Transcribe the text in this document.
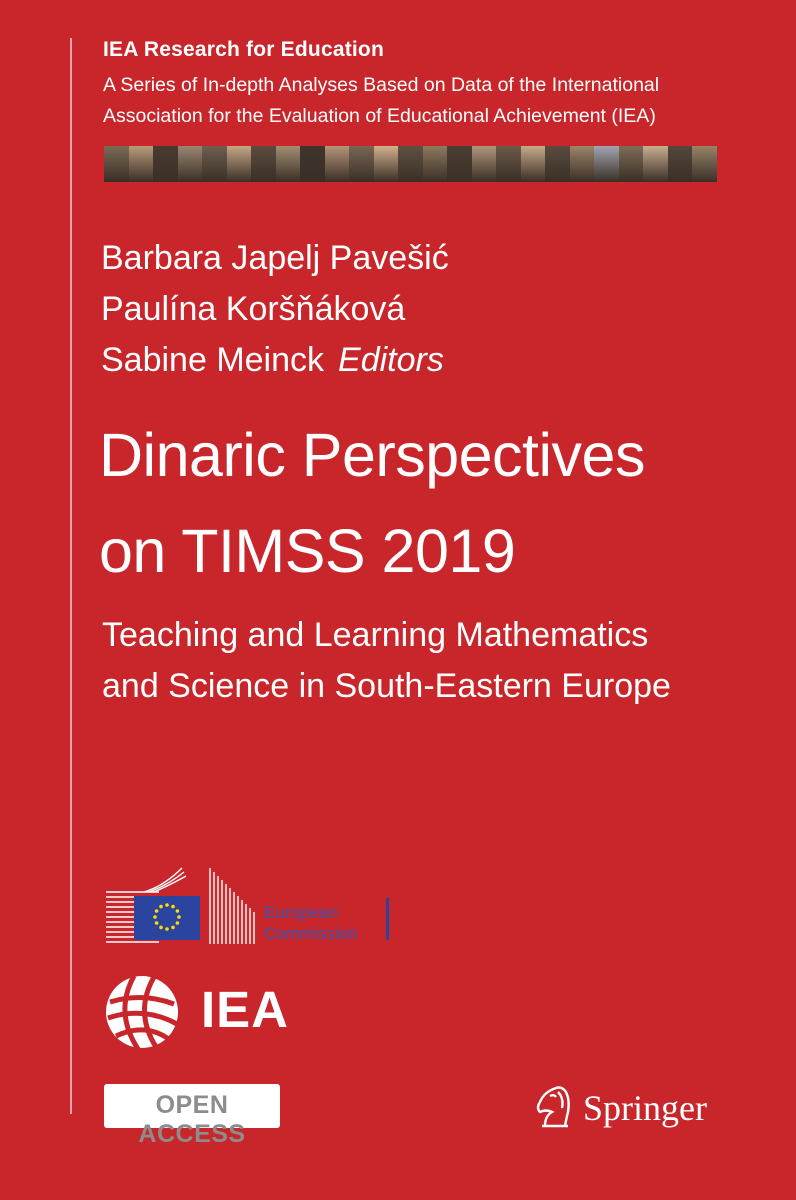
IEA Research for Education
A Series of In-depth Analyses Based on Data of the International
Association for the Evaluation of Educational Achievement (IEA)
Barbara Japelj Pavešić
Paulína Koršňáková
Sabine Meinck Editors
Dinaric Perspectives
on TIMSS 2019
Teaching and Learning Mathematics
and Science in South-Eastern Europe
European
Commission
IEA
OPEN ACCESS
Springer
